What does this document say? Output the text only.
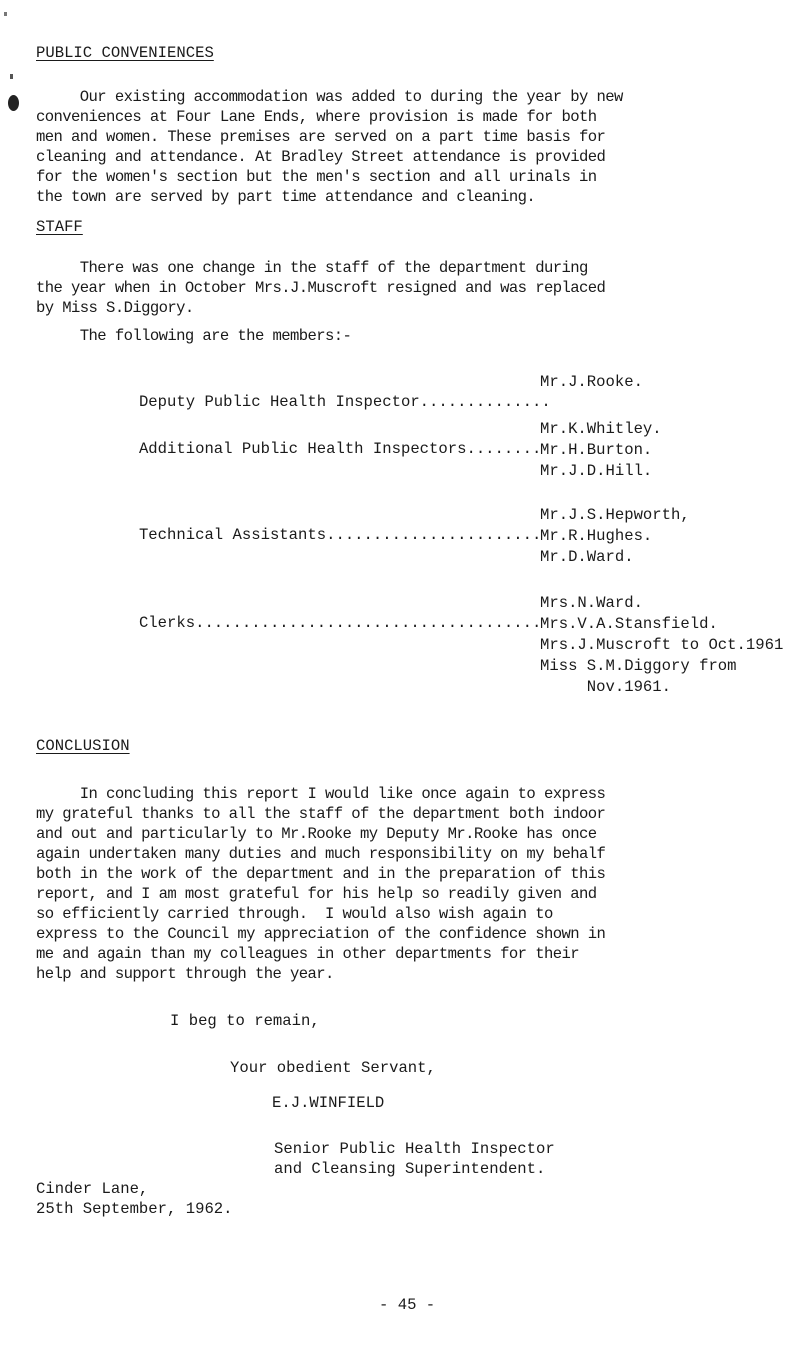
PUBLIC CONVENIENCES

Our existing accommodation was added to during the year by new
conveniences at Four Lane Ends, where provision is made for both
men and women. These premises are served on a part time basis for
cleaning and attendance. At Bradley Street attendance is provided
for the women's section but the men's section and all urinals in
the town are served by part time attendance and cleaning.

STAFF

There was one change in the staff of the department during
the year when in October Mrs.J.Muscroft resigned and was replaced
by Miss S.Diggory.

The following are the members:-

Deputy Public Health Inspector..............

Mr.J.Rooke.

Additional Public Health Inspectors........

Mr.K.Whitley.

Mr.H.Burton.

Mr.J.D.Hill.

Technical Assistants.......................

Mr.J.S.Hepworth,

Mr.R.Hughes.

Mr.D.Ward.

Clerks.....................................

Mrs.N.Ward.

Mrs.V.A.Stansfield.

Mrs.J.Muscroft to Oct.1961

Miss S.M.Diggory from

Nov.1961.

CONCLUSION

In concluding this report I would like once again to express
my grateful thanks to all the staff of the department both indoor
and out and particularly to Mr.Rooke my Deputy Mr.Rooke has once
again undertaken many duties and much responsibility on my behalf
both in the work of the department and in the preparation of this
report, and I am most grateful for his help so readily given and
so efficiently carried through.  I would also wish again to
express to the Council my appreciation of the confidence shown in
me and again than my colleagues in other departments for their
help and support through the year.

I beg to remain,
Your obedient Servant,
E.J.WINFIELD
Senior Public Health Inspector
and Cleansing Superintendent.
Cinder Lane,
25th September, 1962.
- 45 -
